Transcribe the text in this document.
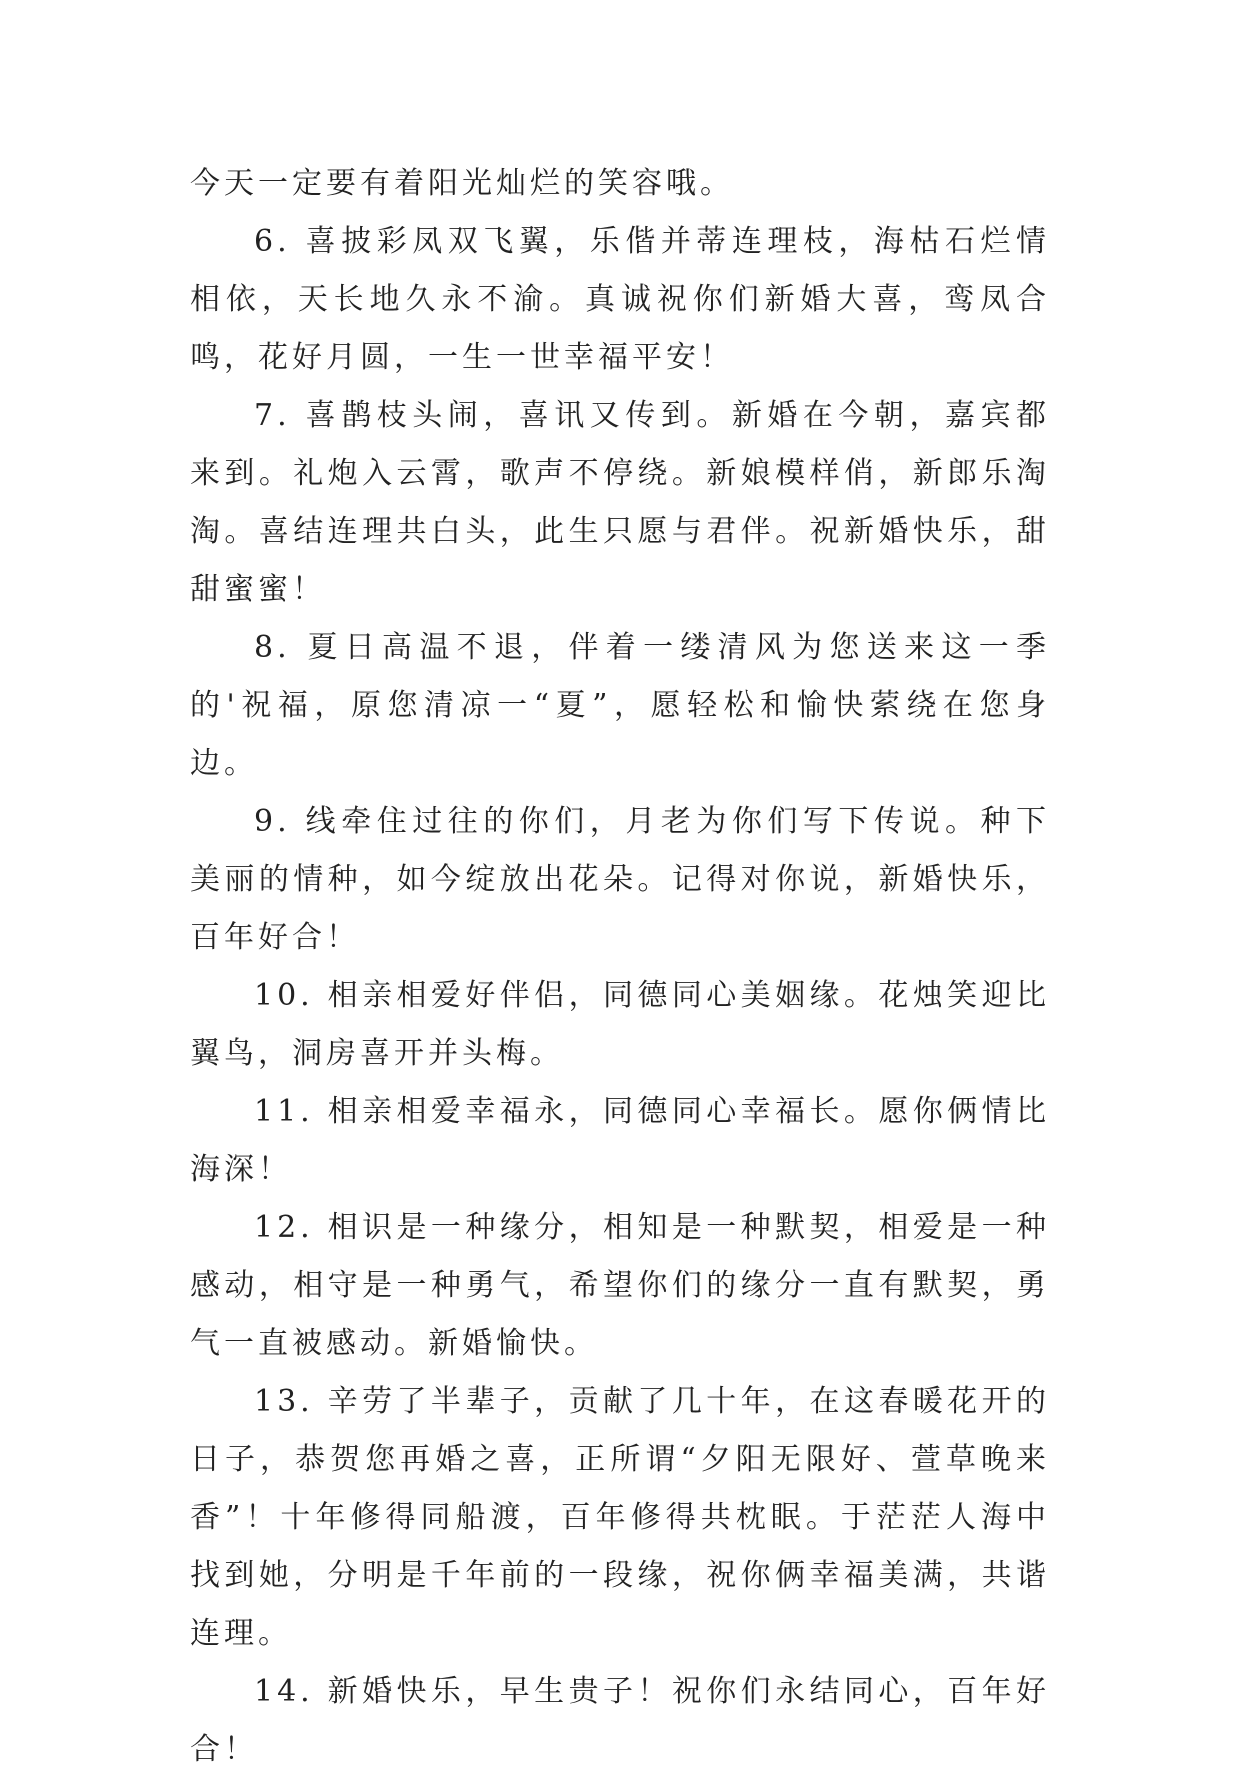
今天一定要有着阳光灿烂的笑容哦。

6. 喜披彩凤双飞翼，乐偕并蒂连理枝，海枯石烂情相依，天长地久永不渝。真诚祝你们新婚大喜，鸾凤合鸣，花好月圆，一生一世幸福平安！

7. 喜鹊枝头闹，喜讯又传到。新婚在今朝，嘉宾都来到。礼炮入云霄，歌声不停绕。新娘模样俏，新郎乐淘淘。喜结连理共白头，此生只愿与君伴。祝新婚快乐，甜甜蜜蜜！

8. 夏日高温不退，伴着一缕清风为您送来这一季的'祝福，原您清凉一“夏”，愿轻松和愉快萦绕在您身边。

9. 线牵住过往的你们，月老为你们写下传说。种下美丽的情种，如今绽放出花朵。记得对你说，新婚快乐，百年好合！

10. 相亲相爱好伴侣，同德同心美姻缘。花烛笑迎比翼鸟，洞房喜开并头梅。

11. 相亲相爱幸福永，同德同心幸福长。愿你俩情比海深！

12. 相识是一种缘分，相知是一种默契，相爱是一种感动，相守是一种勇气，希望你们的缘分一直有默契，勇气一直被感动。新婚愉快。

13. 辛劳了半辈子，贡献了几十年，在这春暖花开的日子，恭贺您再婚之喜，正所谓“夕阳无限好、萱草晚来香”！十年修得同船渡，百年修得共枕眠。于茫茫人海中找到她，分明是千年前的一段缘，祝你俩幸福美满，共谐连理。

14. 新婚快乐，早生贵子！祝你们永结同心，百年好合！
